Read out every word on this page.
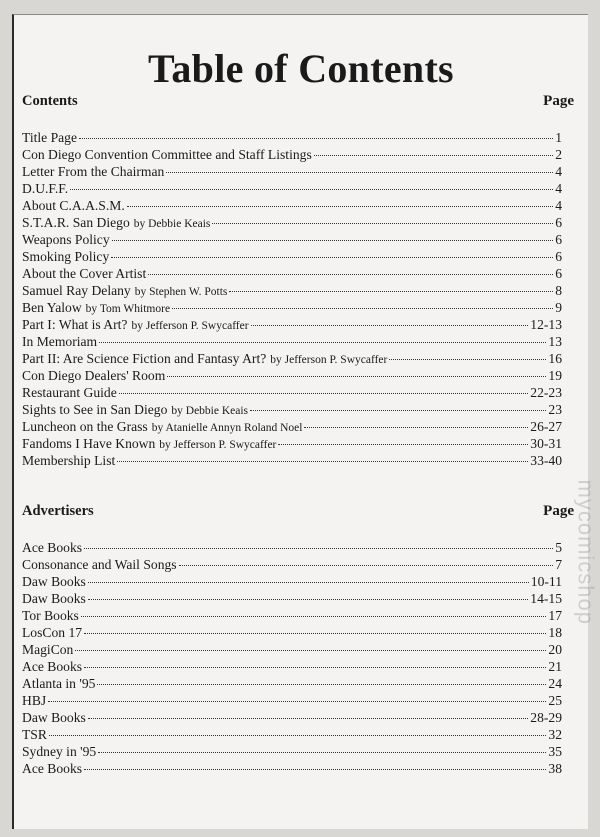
Table of Contents
Contents	Page
Title Page	1
Con Diego Convention Committee and Staff Listings	2
Letter From the Chairman	4
D.U.F.F.	4
About C.A.A.S.M.	4
S.T.A.R. San Diego by Debbie Keais	6
Weapons Policy	6
Smoking Policy	6
About the Cover Artist	6
Samuel Ray Delany by Stephen W. Potts	8
Ben Yalow by Tom Whitmore	9
Part I: What is Art? by Jefferson P. Swycaffer	12-13
In Memoriam	13
Part II: Are Science Fiction and Fantasy Art? by Jefferson P. Swycaffer	16
Con Diego Dealers' Room	19
Restaurant Guide	22-23
Sights to See in San Diego by Debbie Keais	23
Luncheon on the Grass by Atanielle Annyn Roland Noel	26-27
Fandoms I Have Known by Jefferson P. Swycaffer	30-31
Membership List	33-40
Advertisers	Page
Ace Books	5
Consonance and Wail Songs	7
Daw Books	10-11
Daw Books	14-15
Tor Books	17
LosCon 17	18
MagiCon	20
Ace Books	21
Atlanta in '95	24
HBJ	25
Daw Books	28-29
TSR	32
Sydney in '95	35
Ace Books	38
mycomicshop
